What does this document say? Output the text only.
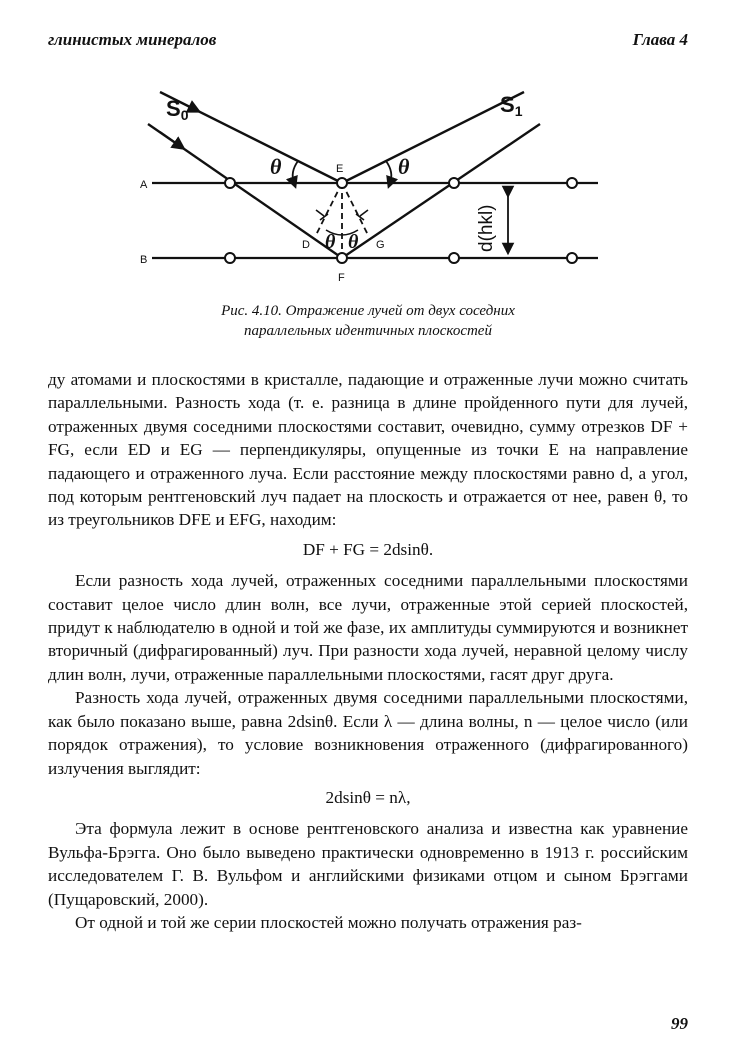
глинистых минералов	Глава 4
S0	S1
θ	θ
θ θ
A
B
E
F
D	G	d(hkl)
Рис. 4.10. Отражение лучей от двух соседних
параллельных идентичных плоскостей

ду атомами и плоскостями в кристалле, падающие и отраженные лучи можно считать параллельными. Разность хода (т. е. разница в длине пройденного пути для лучей, отраженных двумя соседними плоскостями составит, очевидно, сумму отрезков DF + FG, если ED и EG — перпендикуляры, опущенные из точки E на направление падающего и отраженного луча. Если расстояние между плоскостями равно d, а угол, под которым рентгеновский луч падает на плоскость и отражается от нее, равен θ, то из треугольников DFE и EFG, находим:

DF + FG = 2dsinθ.

Если разность хода лучей, отраженных соседними параллельными плоскостями составит целое число длин волн, все лучи, отраженные этой серией плоскостей, придут к наблюдателю в одной и той же фазе, их амплитуды суммируются и возникнет вторичный (дифрагированный) луч. При разности хода лучей, неравной целому числу длин волн, лучи, отраженные параллельными плоскостями, гасят друг друга.

Разность хода лучей, отраженных двумя соседними параллельными плоскостями, как было показано выше, равна 2dsinθ. Если λ — длина волны, n — целое число (или порядок отражения), то условие возникновения отраженного (дифрагированного) излучения выглядит:

2dsinθ = nλ,

Эта формула лежит в основе рентгеновского анализа и известна как уравнение Вульфа-Брэгга. Оно было выведено практически одновременно в 1913 г. российским исследователем Г. В. Вульфом и английскими физиками отцом и сыном Брэггами (Пущаровский, 2000).

От одной и той же серии плоскостей можно получать отражения раз-

99
